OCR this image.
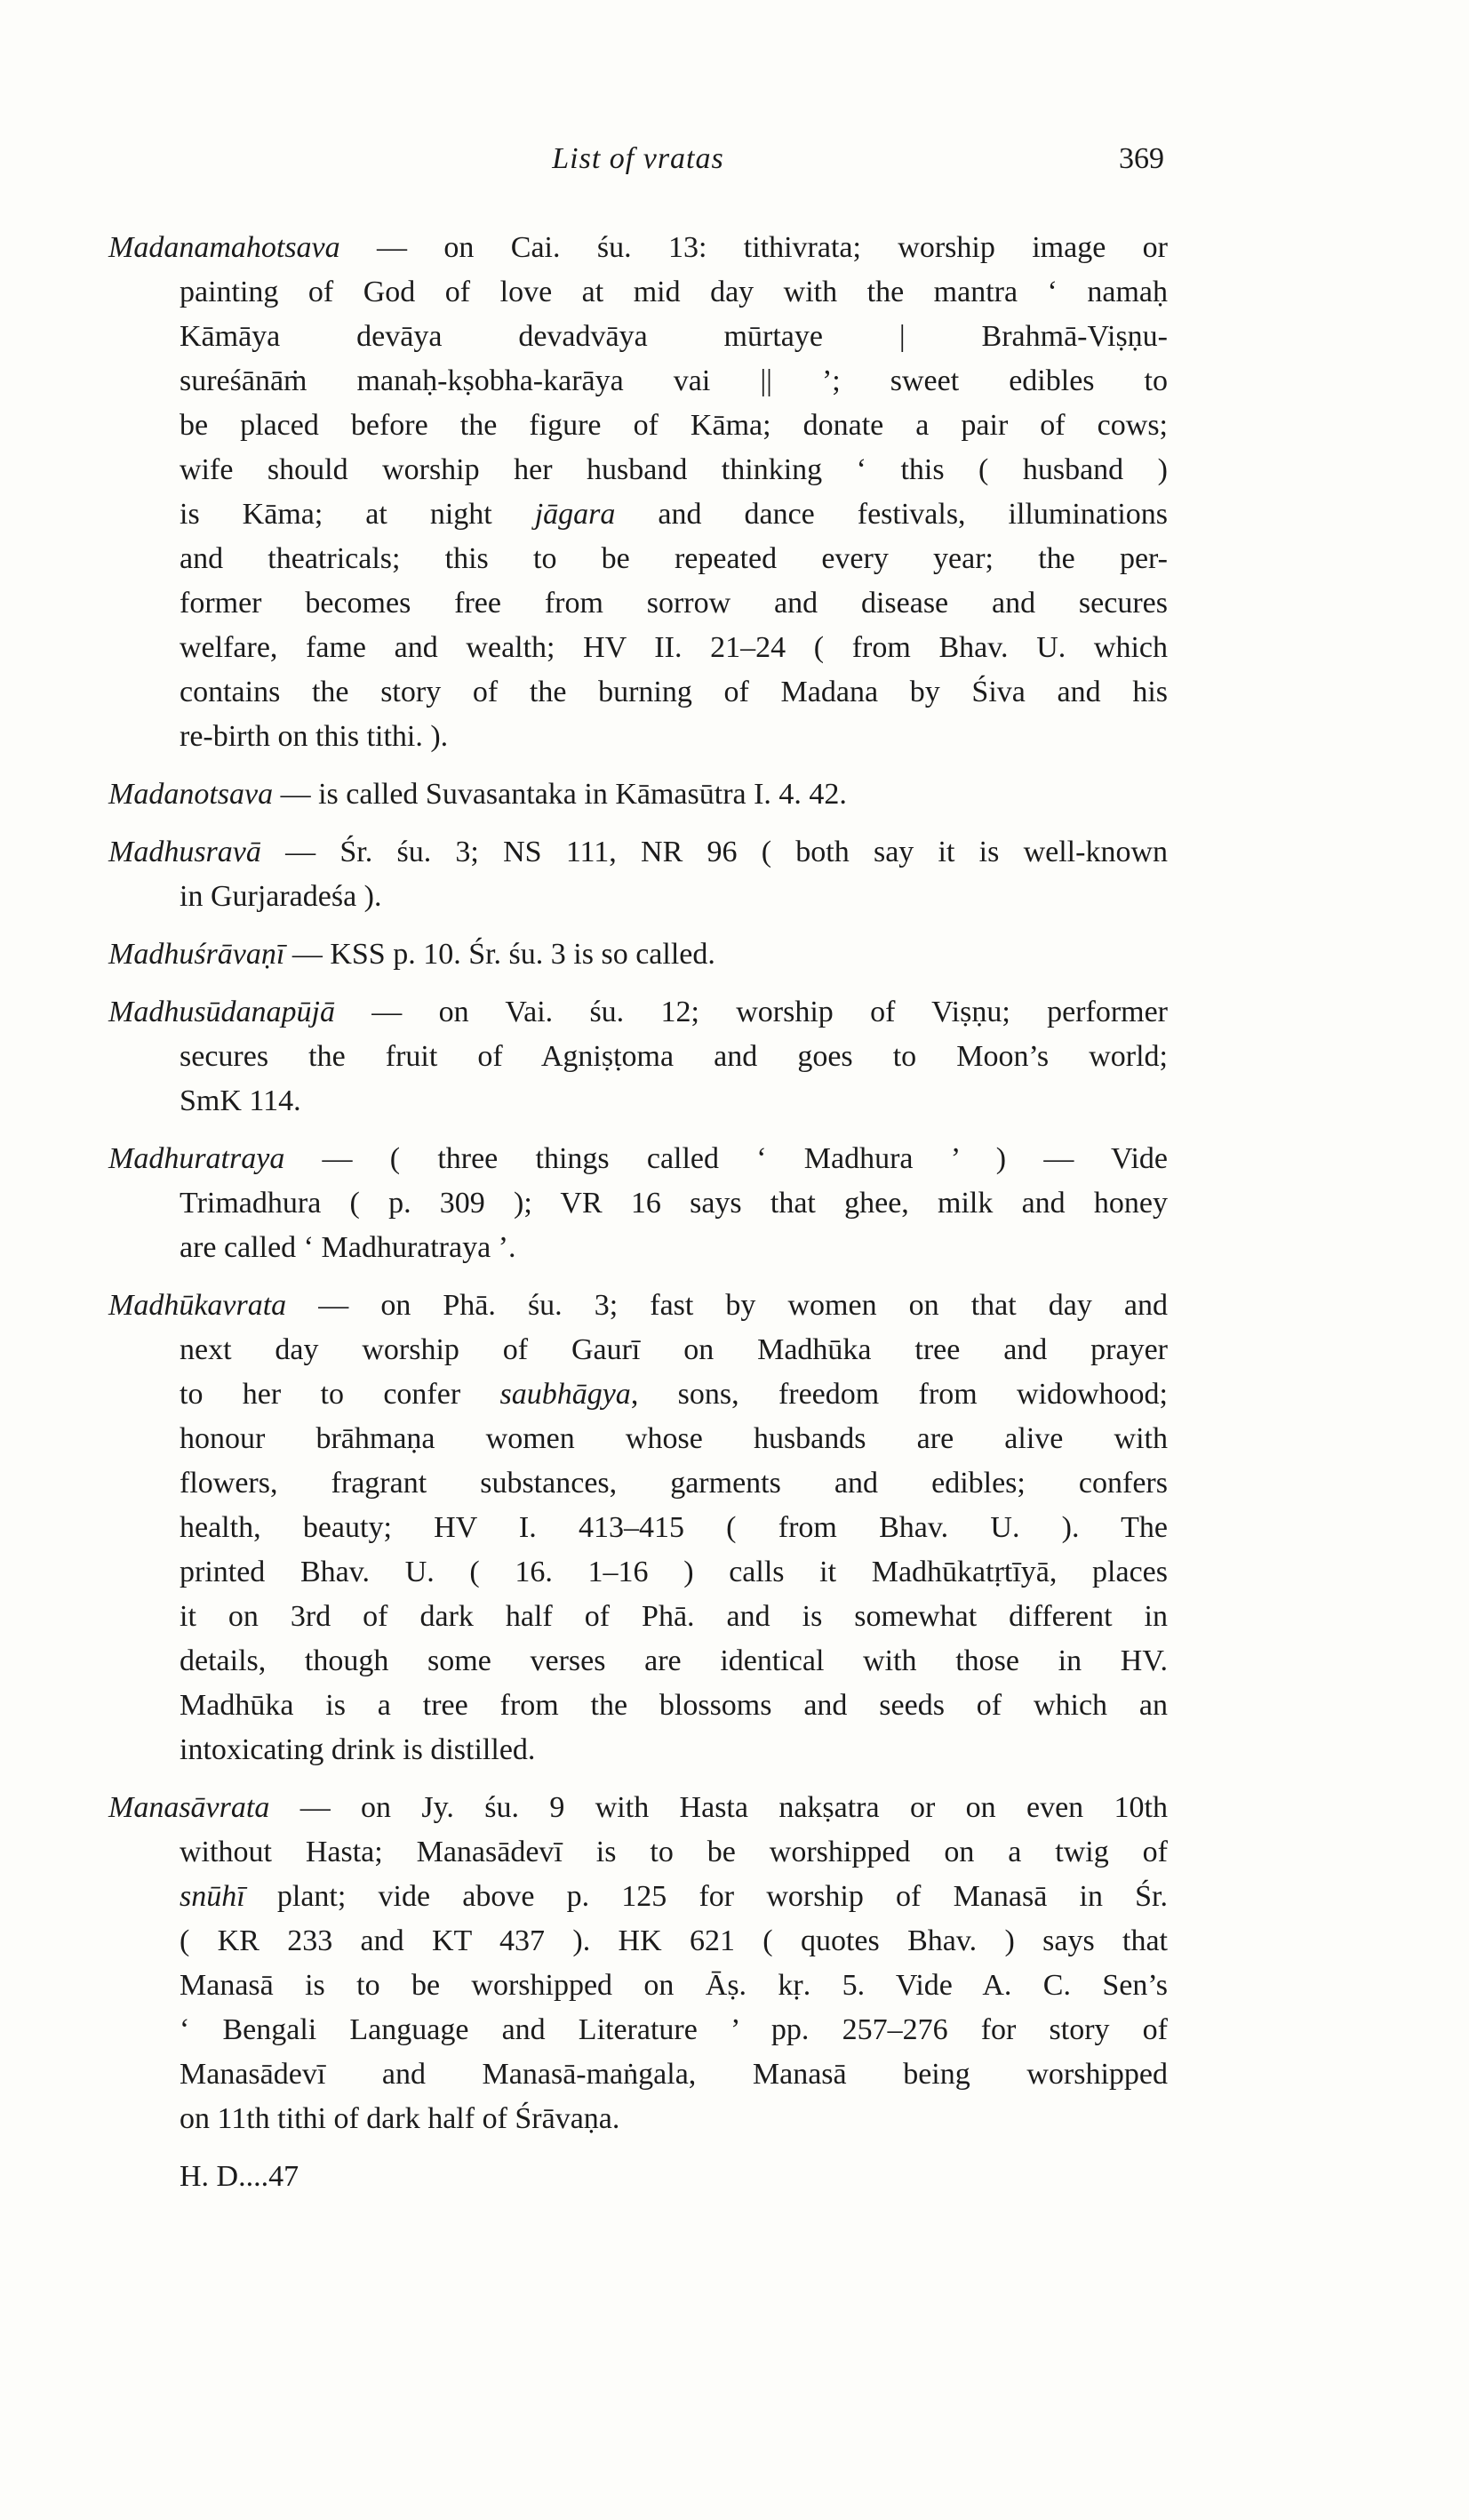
List of vratas	369

Madanamahotsava — on Cai. śu. 13: tithivrata; worship image or
painting of God of love at mid day with the mantra ‘ namaḥ
Kāmāya devāya devadvāya mūrtaye | Brahmā-Viṣṇu-
sureśānāṁ manaḥ-kṣobha-karāya vai || ’; sweet edibles to
be placed before the figure of Kāma; donate a pair of cows;
wife should worship her husband thinking ‘ this ( husband )
is Kāma; at night jāgara and dance festivals, illuminations
and theatricals; this to be repeated every year; the per-
former becomes free from sorrow and disease and secures
welfare, fame and wealth; HV II. 21–24 ( from Bhav. U. which
contains the story of the burning of Madana by Śiva and his
re-birth on this tithi. ).

Madanotsava — is called Suvasantaka in Kāmasūtra I. 4. 42.

Madhusravā — Śr. śu. 3; NS 111, NR 96 ( both say it is well-known
in Gurjaradeśa ).

Madhuśrāvaṇī — KSS p. 10. Śr. śu. 3 is so called.

Madhusūdanapūjā — on Vai. śu. 12; worship of Viṣṇu; performer
secures the fruit of Agniṣṭoma and goes to Moon’s world;
SmK 114.

Madhuratraya — ( three things called ‘ Madhura ’ ) — Vide
Trimadhura ( p. 309 ); VR 16 says that ghee, milk and honey
are called ‘ Madhuratraya ’.

Madhūkavrata — on Phā. śu. 3; fast by women on that day and
next day worship of Gaurī on Madhūka tree and prayer
to her to confer saubhāgya, sons, freedom from widowhood;
honour brāhmaṇa women whose husbands are alive with
flowers, fragrant substances, garments and edibles; confers
health, beauty; HV I. 413–415 ( from Bhav. U. ). The
printed Bhav. U. ( 16. 1–16 ) calls it Madhūkatṛtīyā, places
it on 3rd of dark half of Phā. and is somewhat different in
details, though some verses are identical with those in HV.
Madhūka is a tree from the blossoms and seeds of which an
intoxicating drink is distilled.

Manasāvrata — on Jy. śu. 9 with Hasta nakṣatra or on even 10th
without Hasta; Manasādevī is to be worshipped on a twig of
snūhī plant; vide above p. 125 for worship of Manasā in Śr.
( KR 233 and KT 437 ). HK 621 ( quotes Bhav. ) says that
Manasā is to be worshipped on Āṣ. kṛ. 5. Vide A. C. Sen’s
‘ Bengali Language and Literature ’ pp. 257–276 for story of
Manasādevī and Manasā-maṅgala, Manasā being worshipped
on 11th tithi of dark half of Śrāvaṇa.

H. D....47
